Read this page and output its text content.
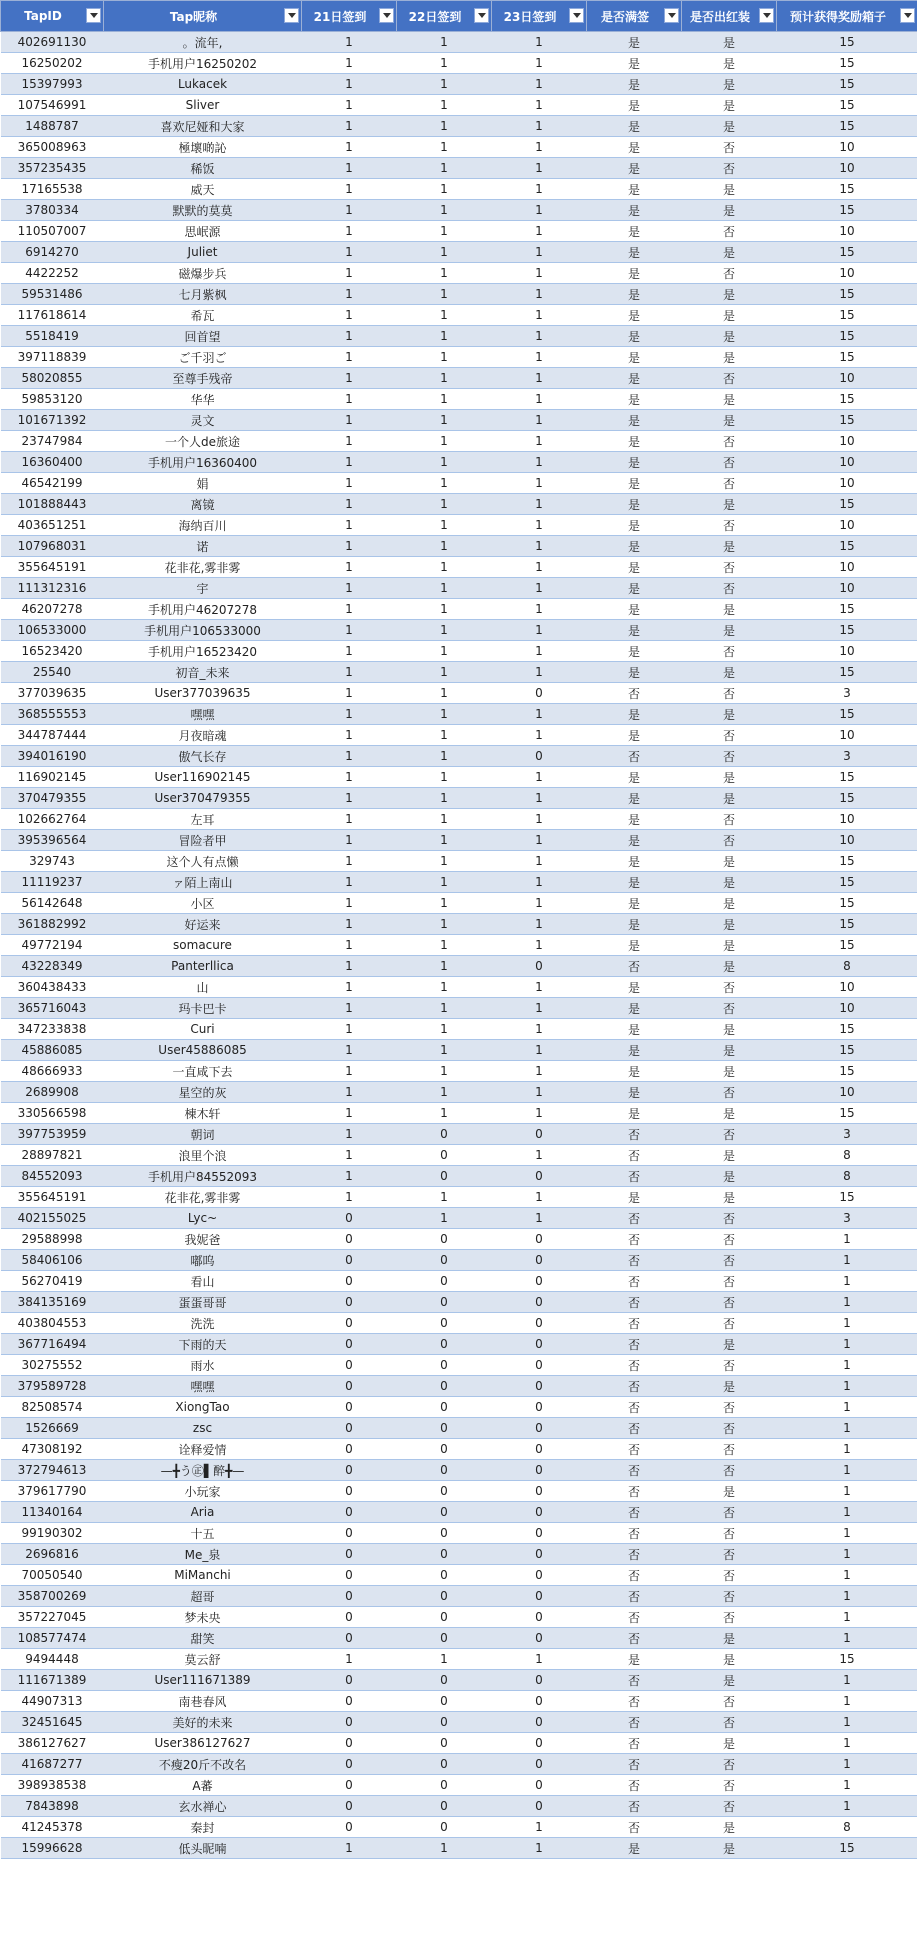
TapID	Tap昵称	21日签到	22日签到	23日签到	是否满签	是否出红装	预计获得奖励箱子

402691130	。流年,	1	1	1	是	是	15
16250202	手机用户16250202	1	1	1	是	是	15
15397993	Lukacek	1	1	1	是	是	15
107546991	Sliver	1	1	1	是	是	15
1488787	喜欢尼娅和大家	1	1	1	是	是	15
365008963	極壞啲訫	1	1	1	是	否	10
357235435	稀饭	1	1	1	是	否	10
17165538	威天	1	1	1	是	是	15
3780334	默默的莫莫	1	1	1	是	是	15
110507007	思岷源	1	1	1	是	否	10
6914270	Juliet	1	1	1	是	是	15
4422252	磁爆步兵	1	1	1	是	否	10
59531486	七月紫枫	1	1	1	是	是	15
117618614	希瓦	1	1	1	是	是	15
5518419	回首望	1	1	1	是	是	15
397118839	ご千羽ご	1	1	1	是	是	15
58020855	至尊手残帝	1	1	1	是	否	10
59853120	华华	1	1	1	是	是	15
101671392	灵文	1	1	1	是	是	15
23747984	一个人de旅途	1	1	1	是	否	10
16360400	手机用户16360400	1	1	1	是	否	10
46542199	娟	1	1	1	是	否	10
101888443	离镜	1	1	1	是	是	15
403651251	海纳百川	1	1	1	是	否	10
107968031	诺	1	1	1	是	是	15
355645191	花非花,雾非雾	1	1	1	是	否	10
111312316	宇	1	1	1	是	否	10
46207278	手机用户46207278	1	1	1	是	是	15
106533000	手机用户106533000	1	1	1	是	是	15
16523420	手机用户16523420	1	1	1	是	否	10
25540	初音_未来	1	1	1	是	是	15
377039635	User377039635	1	1	0	否	否	3
368555553	嘿嘿	1	1	1	是	是	15
344787444	月夜暗魂	1	1	1	是	否	10
394016190	傲气长存	1	1	0	否	否	3
116902145	User116902145	1	1	1	是	是	15
370479355	User370479355	1	1	1	是	是	15
102662764	左耳	1	1	1	是	否	10
395396564	冒险者甲	1	1	1	是	否	10
329743	这个人有点懒	1	1	1	是	是	15
11119237	ァ陌上南山	1	1	1	是	是	15
56142648	小区	1	1	1	是	是	15
361882992	好运来	1	1	1	是	是	15
49772194	somacure	1	1	1	是	是	15
43228349	Panterllica	1	1	0	否	是	8
360438433	山	1	1	1	是	否	10
365716043	玛卡巴卡	1	1	1	是	否	10
347233838	Curi	1	1	1	是	是	15
45886085	User45886085	1	1	1	是	是	15
48666933	一直咸下去	1	1	1	是	是	15
2689908	星空的灰	1	1	1	是	否	10
330566598	棟木轩	1	1	1	是	是	15
397753959	朝词	1	0	0	否	否	3
28897821	浪里个浪	1	0	1	否	是	8
84552093	手机用户84552093	1	0	0	否	是	8
355645191	花非花,雾非雾	1	1	1	是	是	15
402155025	Lyc~	0	1	1	否	否	3
29588998	我妮爸	0	0	0	否	否	1
58406106	嘟呜	0	0	0	否	否	1
56270419	看山	0	0	0	否	否	1
384135169	蛋蛋哥哥	0	0	0	否	否	1
403804553	洗洗	0	0	0	否	否	1
367716494	下雨的天	0	0	0	否	是	1
30275552	雨水	0	0	0	否	否	1
379589728	嘿嘿	0	0	0	否	是	1
82508574	XiongTao	0	0	0	否	否	1
1526669	zsc	0	0	0	否	否	1
47308192	诠释爱情	0	0	0	否	否	1
372794613	—╋う㊣▌醉╋—	0	0	0	否	否	1
379617790	小玩家	0	0	0	否	是	1
11340164	Aria	0	0	0	否	否	1
99190302	十五	0	0	0	否	否	1
2696816	Me_泉	0	0	0	否	否	1
70050540	MiManchi	0	0	0	否	否	1
358700269	超哥	0	0	0	否	否	1
357227045	梦未央	0	0	0	否	否	1
108577474	甜笑	0	0	0	否	是	1
9494448	莫云舒	1	1	1	是	是	15
111671389	User111671389	0	0	0	否	是	1
44907313	南巷春风	0	0	0	否	否	1
32451645	美好的未来	0	0	0	否	否	1
386127627	User386127627	0	0	0	否	是	1
41687277	不瘦20斤不改名	0	0	0	否	否	1
398938538	A蕃	0	0	0	否	否	1
7843898	玄水禅心	0	0	0	否	否	1
41245378	秦封	0	0	1	否	是	8
15996628	低头昵喃	1	1	1	是	是	15
